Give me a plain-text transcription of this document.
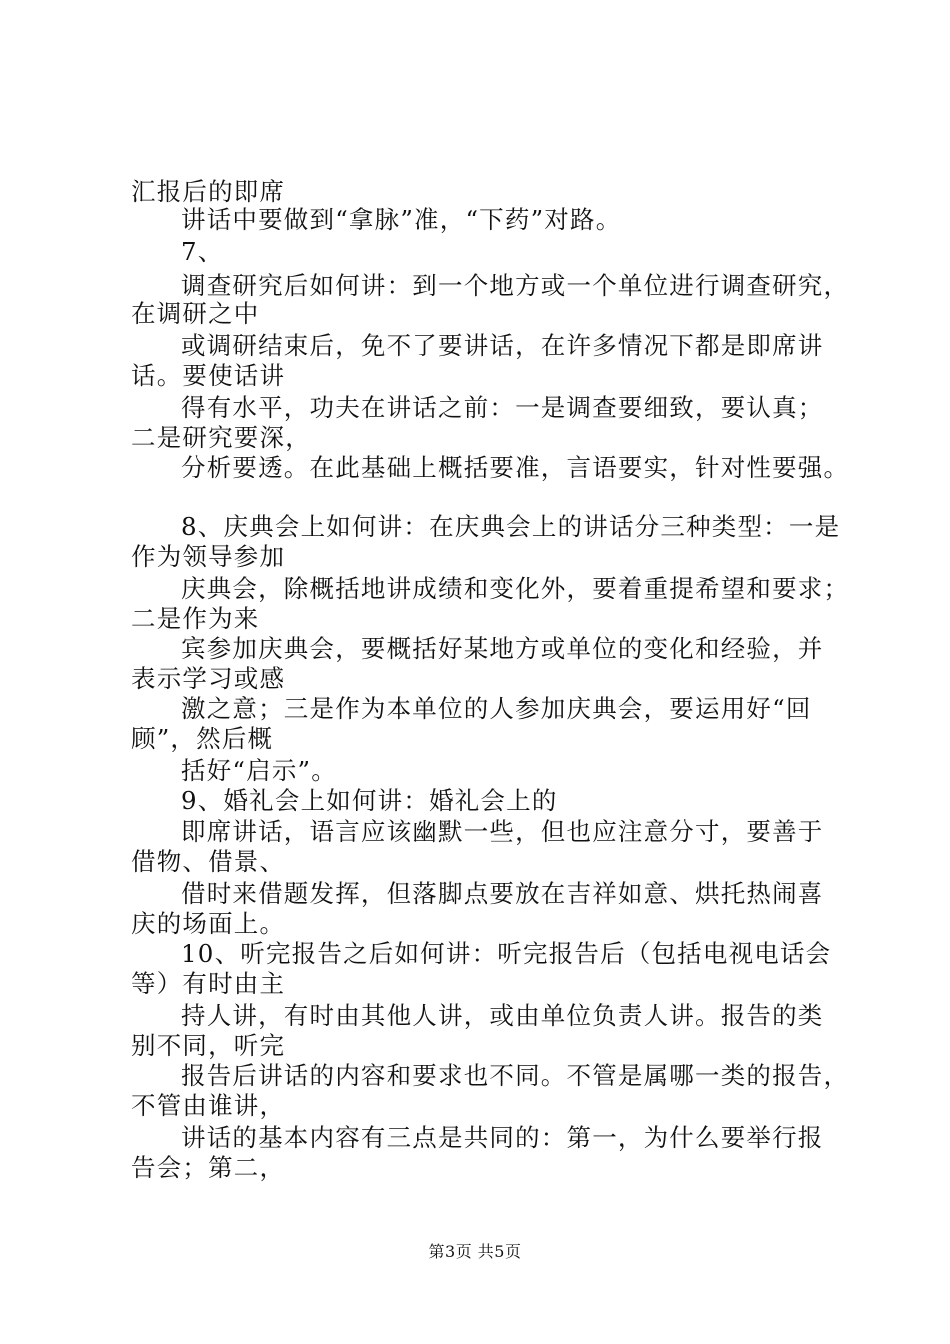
汇报后的即席
讲话中要做到“拿脉”准，“下药”对路。
7、
调查研究后如何讲：到一个地方或一个单位进行调查研究，
在调研之中
或调研结束后，免不了要讲话，在许多情况下都是即席讲
话。要使话讲
得有水平，功夫在讲话之前：一是调查要细致，要认真；
二是研究要深，
分析要透。在此基础上概括要准，言语要实，针对性要强。
8、庆典会上如何讲：在庆典会上的讲话分三种类型：一是
作为领导参加
庆典会，除概括地讲成绩和变化外，要着重提希望和要求；
二是作为来
宾参加庆典会，要概括好某地方或单位的变化和经验，并
表示学习或感
激之意；三是作为本单位的人参加庆典会，要运用好“回
顾”，然后概
括好“启示”。
9、婚礼会上如何讲：婚礼会上的
即席讲话，语言应该幽默一些，但也应注意分寸，要善于
借物、借景、
借时来借题发挥，但落脚点要放在吉祥如意、烘托热闹喜
庆的场面上。
10、听完报告之后如何讲：听完报告后（包括电视电话会
等）有时由主
持人讲，有时由其他人讲，或由单位负责人讲。报告的类
别不同，听完
报告后讲话的内容和要求也不同。不管是属哪一类的报告，
不管由谁讲，
讲话的基本内容有三点是共同的：第一，为什么要举行报
告会；第二，
第3页 共5页
